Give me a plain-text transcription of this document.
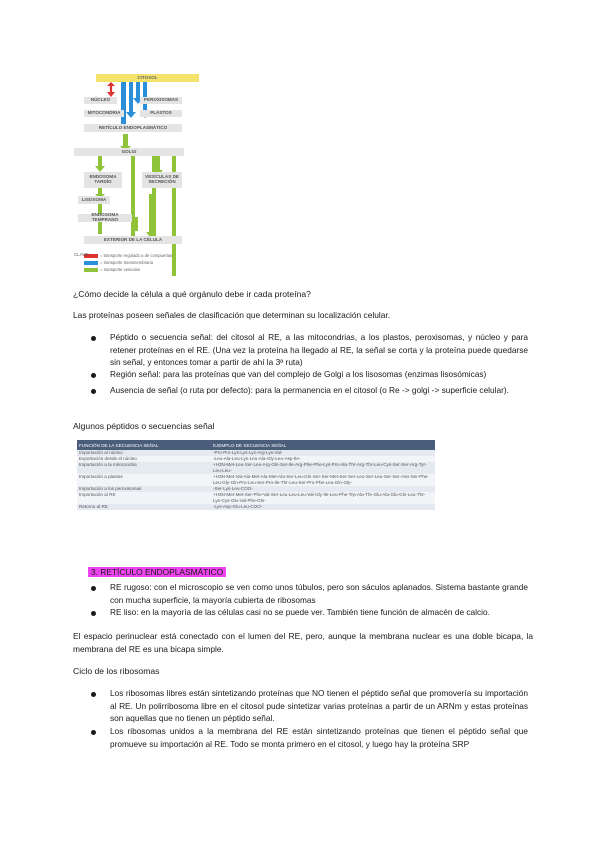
CITOSOL
NÚCLEO	PEROXISOMAS
MITOCONDRIA	PLASTOS
RETÍCULO ENDOPLASMÁTICO
GOLGI
ENDOSOMA TARDÍO
VESÍCULAS DE SECRECIÓN
LISOSOMA
ENDOSOMA TEMPRANO
EXTERIOR DE LA CÉLULA
CLAVE: = transporte regulado a de compuertas
= transporte transmembrana
= transporte vesicular
¿Cómo decide la célula a qué orgánulo debe ir cada proteína?
Las proteínas poseen señales de clasificación que determinan su localización celular.
Péptido o secuencia señal: del citosol al RE, a las mitocondrias, a los plastos, peroxisomas, y núcleo y para retener proteínas en el RE. (Una vez la proteína ha llegado al RE, la señal se corta y la proteína puede quedarse sin señal, y entonces tomar a partir de ahí la 3ª ruta)
Región señal: para las proteínas que van del complejo de Golgi a los lisosomas (enzimas lisosómicas)
Ausencia de señal (o ruta por defecto): para la permanencia en el citosol (o Re -> golgi -> superficie celular).
Algunos péptidos o secuencias señal
FUNCIÓN DE LA SECUENCIA SEÑAL	EJEMPLO DE SECUENCIA SEÑAL
Importación al núcleo	-Pro-Pro-Lys-Lys-Lys-Arg-Lys-Val-
Exportación desde el núcleo	-Leu-Ala-Leu-Lys-Leu-Ala-Gly-Leu-Asp-Ile-
Importación a la mitocondria	+H3N-Met-Leu-Ser-Leu-Arg-Gln-Ser-Ile-Arg-Phe-Phe-Lys-Pro-Ala-Thr-Arg-Thr-Leu-Cys-Ser-Ser-Arg-Tyr-Leu-Leu-
Importación a plastos	+H3N-Met-Val-Ala-Met-Ala-Met-Ala-Ser-Leu-Gln-Ser-Ser-Met-Ser-Ser-Leu-Ser-Leu-Ser-Ser-Asn-Ser-Phe-Leu-Gly-Gln-Pro-Leu-Ser-Pro-Ile-Thr-Leu-Ser-Pro-Phe-Leu-Gln-Gly-
Importación a los peroxisomas	-Ser-Lys-Leu-COO-
Importación al RE	+H3N-Met-Met-Ser-Phe-Val-Ser-Leu-Leu-Leu-Val-Gly-Ile-Leu-Phe-Trp-Ala-Thr-Glu-Ala-Glu-Gln-Leu-Thr-Lys-Cys-Glu-Val-Phe-Gln-
Retorno al RE	-Lys-Asp-Glu-Leu-COO-
3. RETÍCULO ENDOPLASMÁTICO
RE rugoso: con el microscopio se ven como unos túbulos, pero son sáculos aplanados. Sistema bastante grande con mucha superficie, la mayoría cubierta de ribosomas
RE liso: en la mayoría de las células casi no se puede ver. También tiene función de almacén de calcio.
El espacio perinuclear está conectado con el lumen del RE, pero, aunque la membrana nuclear es una doble bicapa, la membrana del RE es una bicapa simple.
Ciclo de los ribosomas
Los ribosomas libres están sintetizando proteínas que NO tienen el péptido señal que promovería su importación al RE. Un polirribosoma libre en el citosol pude sintetizar varias proteínas a partir de un ARNm y estas proteínas son aquellas que no tienen un péptido señal.
Los ribosomas unidos a la membrana del RE están sintetizando proteínas que tienen el péptido señal que promueve su importación al RE. Todo se monta primero en el citosol, y luego hay la proteína SRP
